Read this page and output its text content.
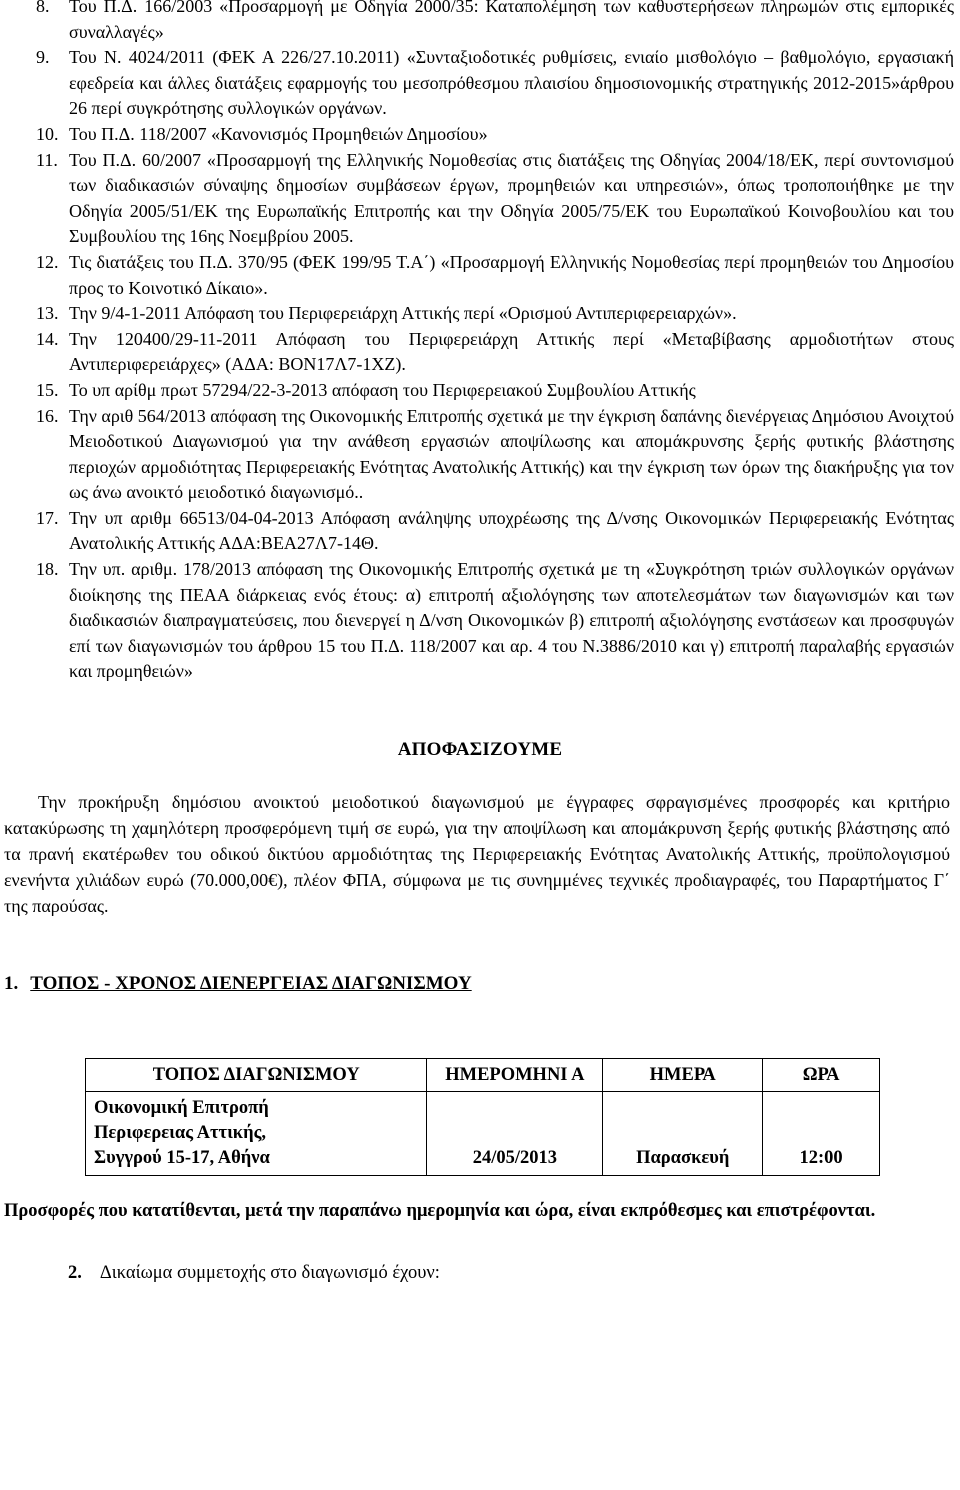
8. Του Π.Δ. 166/2003 «Προσαρμογή με Οδηγία 2000/35: Καταπολέμηση των καθυστερήσεων πληρωμών στις εμπορικές συναλλαγές»
9. Του Ν. 4024/2011 (ΦΕΚ Α 226/27.10.2011) «Συνταξιοδοτικές ρυθμίσεις, ενιαίο μισθολόγιο – βαθμολόγιο, εργασιακή εφεδρεία και άλλες διατάξεις εφαρμογής του μεσοπρόθεσμου πλαισίου δημοσιονομικής στρατηγικής 2012-2015»άρθρου 26 περί συγκρότησης συλλογικών οργάνων.
10. Του Π.Δ. 118/2007 «Κανονισμός Προμηθειών Δημοσίου»
11. Του Π.Δ. 60/2007 «Προσαρμογή της Ελληνικής Νομοθεσίας στις διατάξεις της Οδηγίας 2004/18/ΕΚ, περί συντονισμού των διαδικασιών σύναψης δημοσίων συμβάσεων έργων, προμηθειών και υπηρεσιών», όπως τροποποιήθηκε με την Οδηγία 2005/51/ΕΚ της Ευρωπαϊκής Επιτροπής και την Οδηγία 2005/75/ΕΚ του Ευρωπαϊκού Κοινοβουλίου και του Συμβουλίου της 16ης Νοεμβρίου 2005.
12. Τις διατάξεις του Π.Δ. 370/95 (ΦΕΚ 199/95 Τ.Α΄) «Προσαρμογή Ελληνικής Νομοθεσίας περί προμηθειών του Δημοσίου προς το Κοινοτικό Δίκαιο».
13. Την 9/4-1-2011 Απόφαση του Περιφερειάρχη Αττικής περί «Ορισμού Αντιπεριφερειαρχών».
14. Την 120400/29-11-2011 Απόφαση του Περιφερειάρχη Αττικής περί «Μεταβίβασης αρμοδιοτήτων στους Αντιπεριφερειάρχες» (ΑΔΑ: ΒΟΝ17Λ7-1ΧΖ).
15. Το υπ αρίθμ πρωτ 57294/22-3-2013 απόφαση του Περιφερειακού Συμβουλίου Αττικής
16. Την αριθ 564/2013 απόφαση της Οικονομικής Επιτροπής σχετικά με την έγκριση δαπάνης διενέργειας Δημόσιου Ανοιχτού Μειοδοτικού Διαγωνισμού για την ανάθεση εργασιών αποψίλωσης και απομάκρυνσης ξερής φυτικής βλάστησης περιοχών αρμοδιότητας Περιφερειακής Ενότητας Ανατολικής Αττικής) και την έγκριση των όρων της διακήρυξης για τον ως άνω ανοικτό μειοδοτικό διαγωνισμό..
17. Την υπ αριθμ 66513/04-04-2013 Απόφαση ανάληψης υποχρέωσης της Δ/νσης Οικονομικών Περιφερειακής Ενότητας Ανατολικής Αττικής ΑΔΑ:ΒΕΑ27Λ7-14Θ.
18. Την υπ. αριθμ. 178/2013 απόφαση της Οικονομικής Επιτροπής σχετικά με τη «Συγκρότηση τριών συλλογικών οργάνων διοίκησης της ΠΕΑΑ διάρκειας ενός έτους: α) επιτροπή αξιολόγησης των αποτελεσμάτων των διαγωνισμών και των διαδικασιών διαπραγματεύσεις, που διενεργεί η Δ/νση Οικονομικών β) επιτροπή αξιολόγησης ενστάσεων και προσφυγών επί των διαγωνισμών του άρθρου 15 του Π.Δ. 118/2007 και αρ. 4 του Ν.3886/2010 και γ) επιτροπή παραλαβής εργασιών και προμηθειών»
ΑΠΟΦΑΣΙΖΟΥΜΕ
Την προκήρυξη δημόσιου ανοικτού μειοδοτικού διαγωνισμού με έγγραφες σφραγισμένες προσφορές και κριτήριο κατακύρωσης τη χαμηλότερη προσφερόμενη τιμή σε ευρώ, για την αποψίλωση και απομάκρυνση ξερής φυτικής βλάστησης από τα πρανή εκατέρωθεν του οδικού δικτύου αρμοδιότητας της Περιφερειακής Ενότητας Ανατολικής Αττικής, προϋπολογισμού ενενήντα χιλιάδων ευρώ (70.000,00€), πλέον ΦΠΑ, σύμφωνα με τις συνημμένες τεχνικές προδιαγραφές, του Παραρτήματος Γ΄ της παρούσας.
1. ΤΟΠΟΣ - ΧΡΟΝΟΣ ΔΙΕΝΕΡΓΕΙΑΣ ΔΙΑΓΩΝΙΣΜΟΥ
ΤΟΠΟΣ ΔΙΑΓΩΝΙΣΜΟΥ	ΗΜΕΡΟΜΗΝΙ Α	ΗΜΕΡΑ	ΩΡΑ

Οικονομική Επιτροπή
Περιφερειας Αττικής,
Συγγρού 15-17, Αθήνα	24/05/2013	Παρασκευή	12:00
Προσφορές που κατατίθενται, μετά την παραπάνω ημερομηνία και ώρα, είναι εκπρόθεσμες και επιστρέφονται.
2. Δικαίωμα συμμετοχής στο διαγωνισμό έχουν:
